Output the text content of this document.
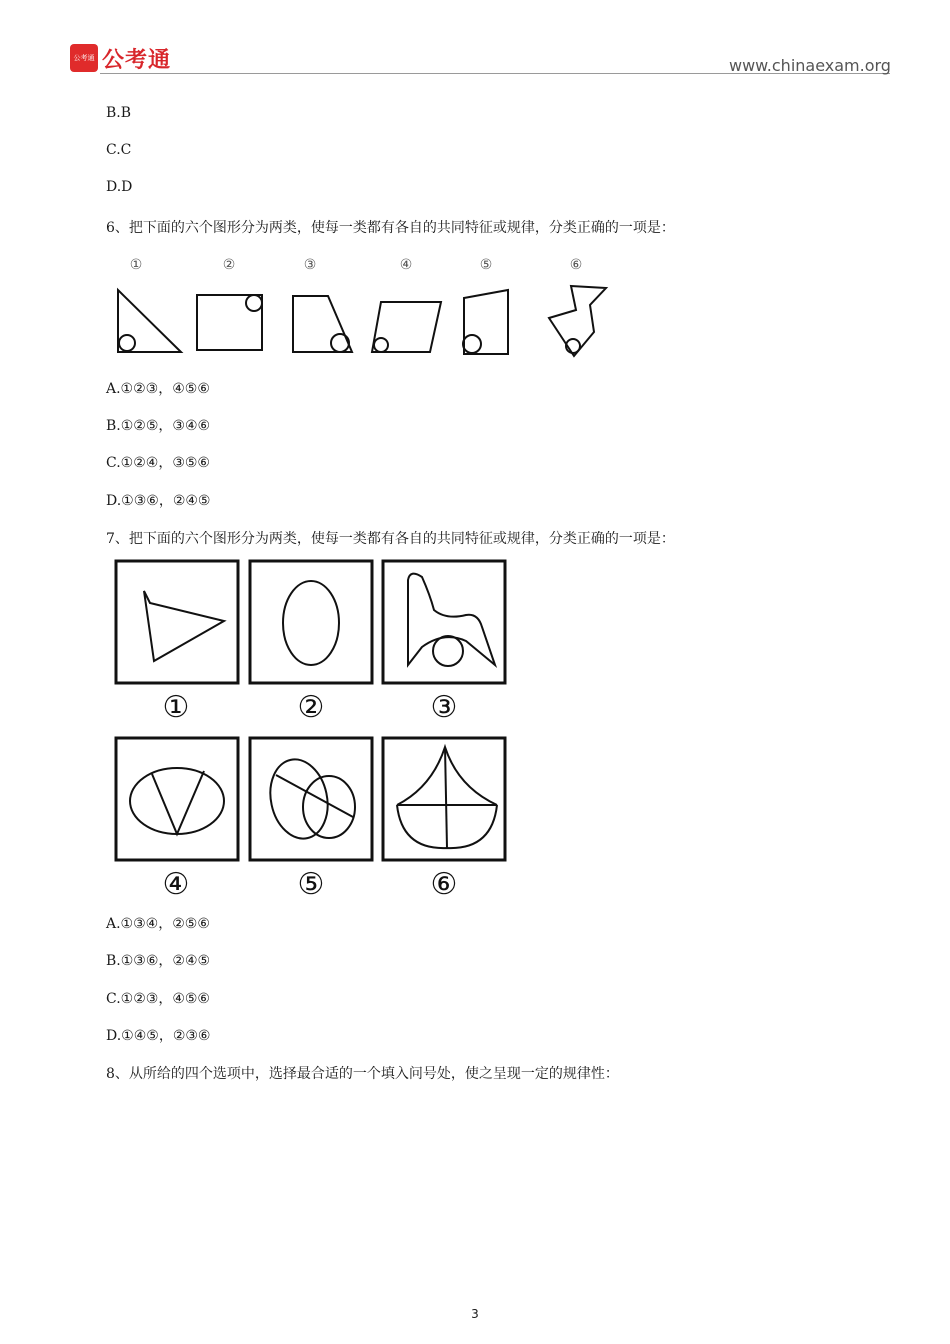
公考通 公考通	www.chinaexam.org
B.B
C.C
D.D
6、把下面的六个图形分为两类，使每一类都有各自的共同特征或规律，分类正确的一项是：
①	②	③	④	⑤	⑥
A.①②③，④⑤⑥
B.①②⑤，③④⑥
C.①②④，③⑤⑥
D.①③⑥，②④⑤
7、把下面的六个图形分为两类，使每一类都有各自的共同特征或规律，分类正确的一项是：
①	②	③
④	⑤	⑥
A.①③④，②⑤⑥
B.①③⑥，②④⑤
C.①②③，④⑤⑥
D.①④⑤，②③⑥
8、从所给的四个选项中，选择最合适的一个填入问号处，使之呈现一定的规律性：
3
